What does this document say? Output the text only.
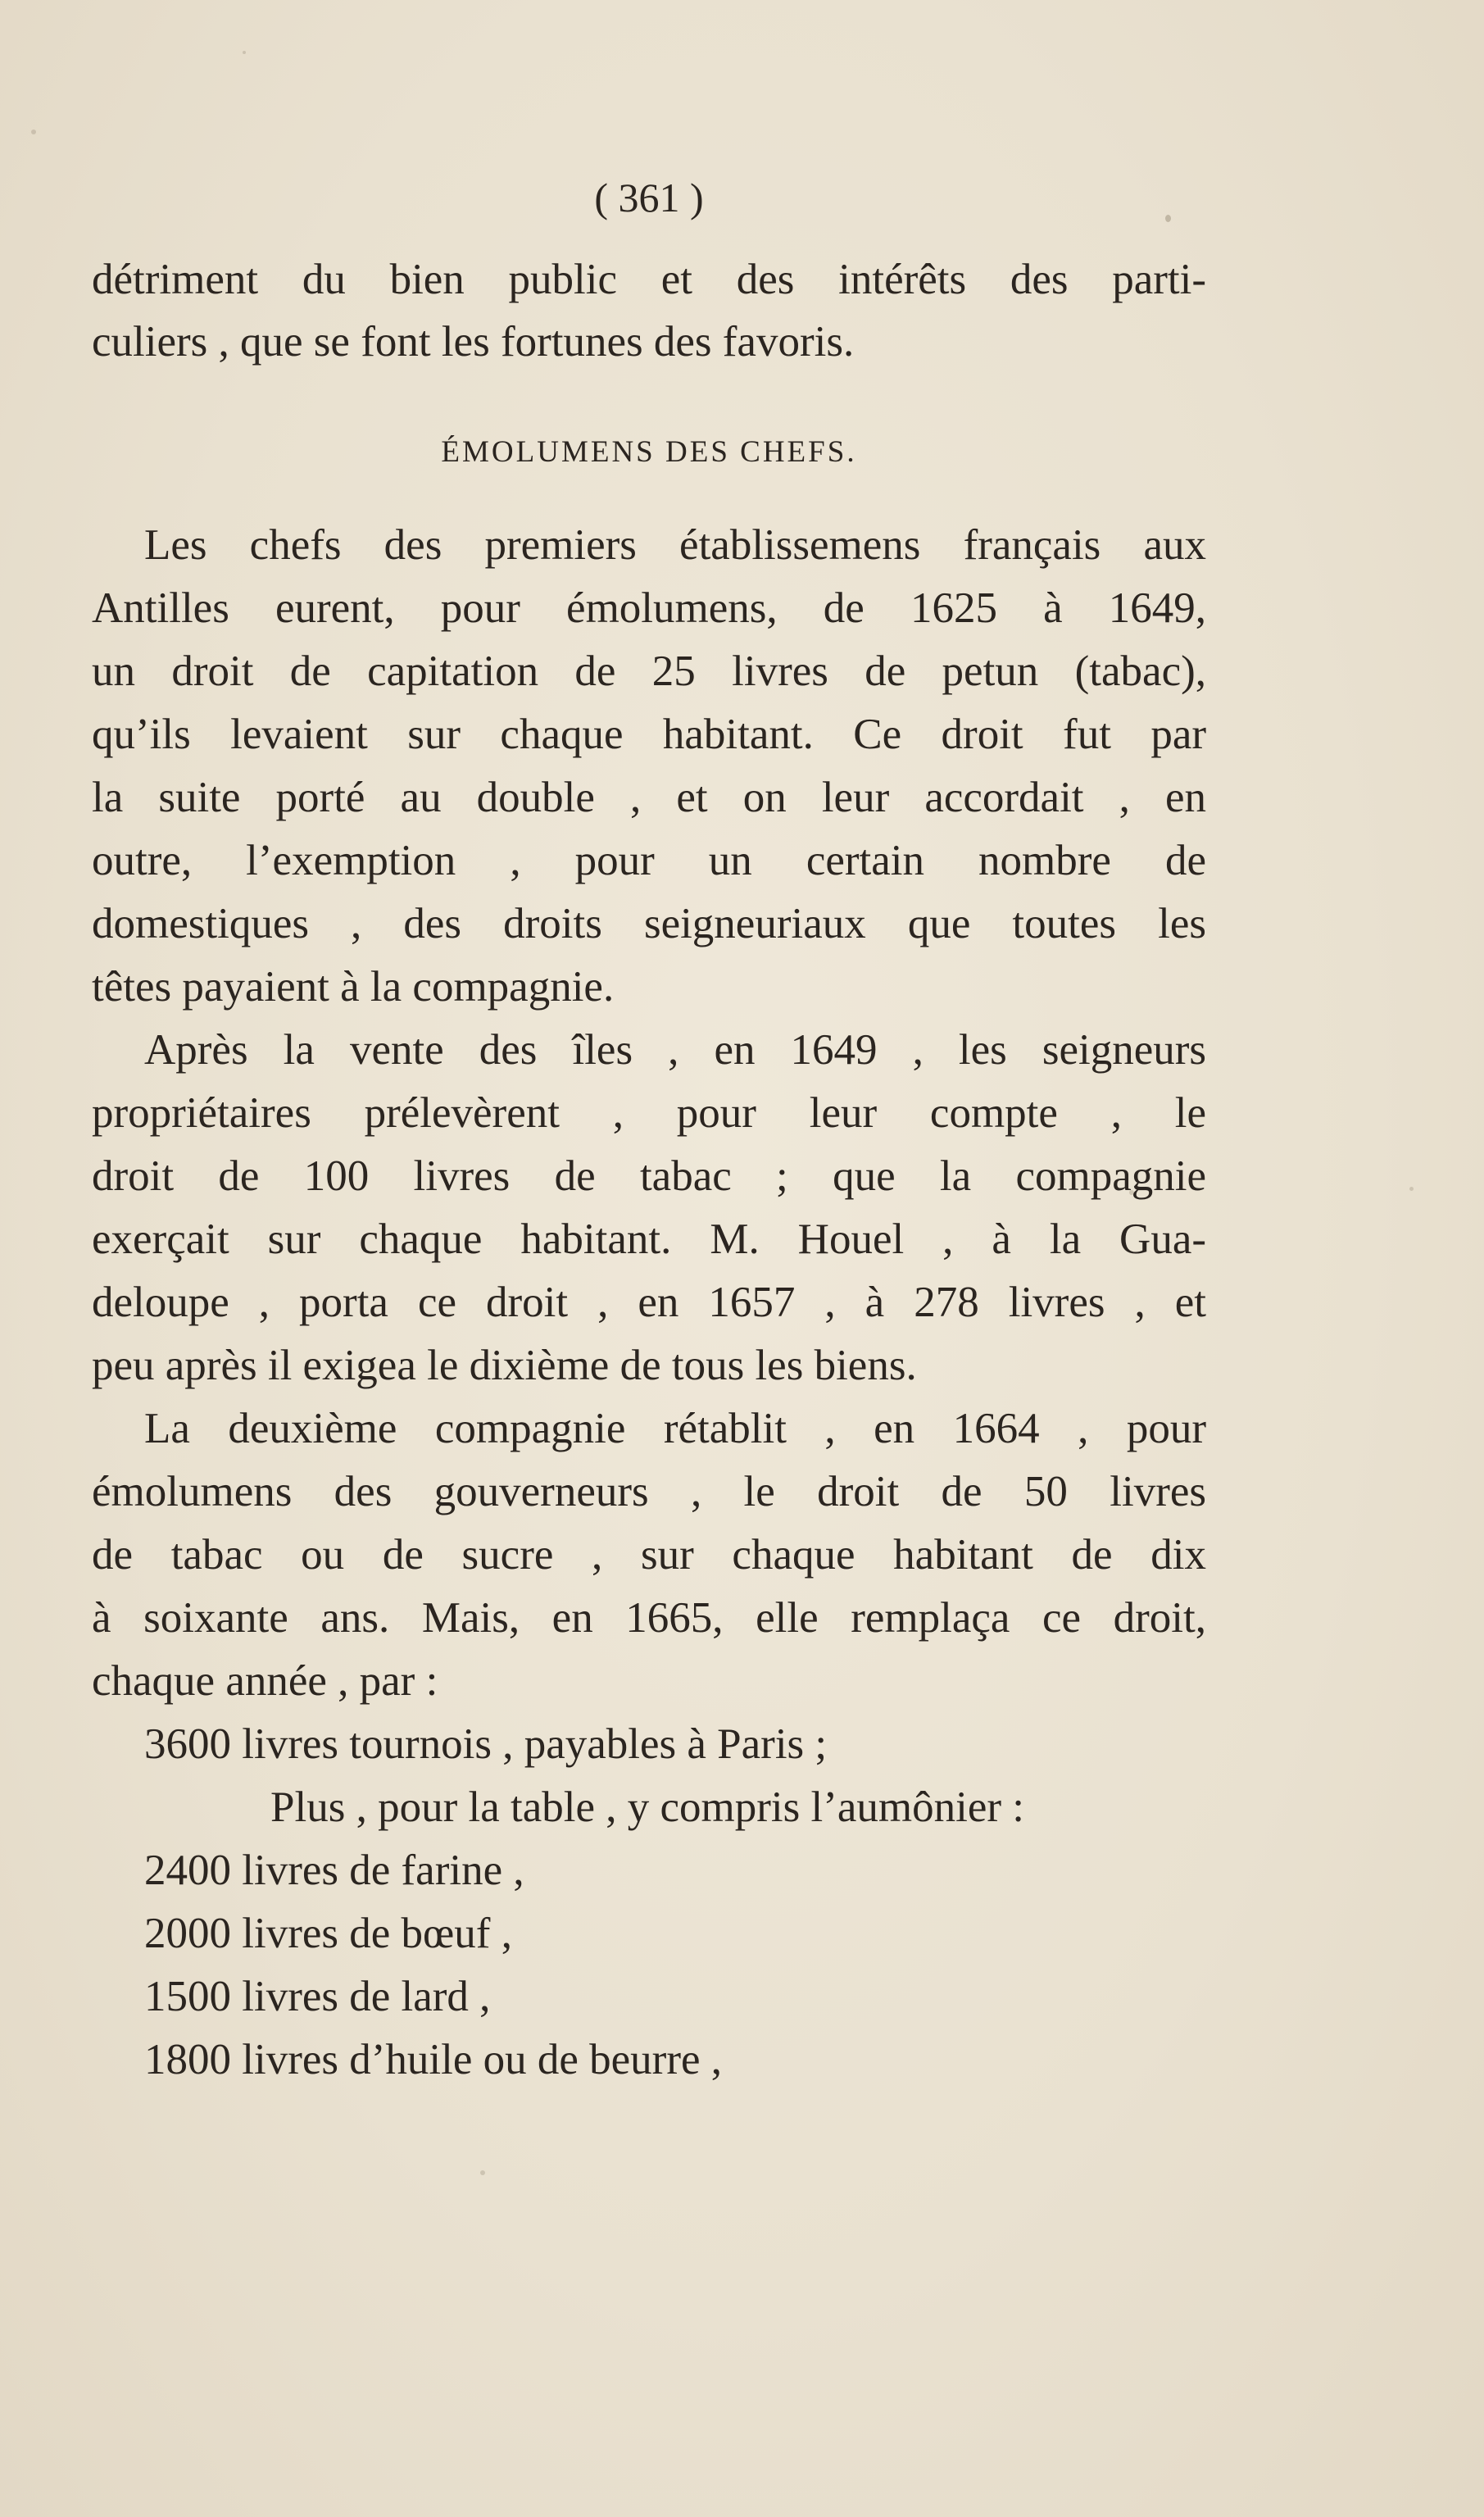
( 361 )
détriment du bien public et des intérêts des parti-
culiers , que se font les fortunes des favoris.
ÉMOLUMENS DES CHEFS.
Les chefs des premiers établissemens français aux
Antilles eurent, pour émolumens, de 1625 à 1649,
un droit de capitation de 25 livres de petun (tabac),
qu’ils levaient sur chaque habitant. Ce droit fut par
la suite porté au double , et on leur accordait , en
outre, l’exemption , pour un certain nombre de
domestiques , des droits seigneuriaux que toutes les
têtes payaient à la compagnie.
Après la vente des îles , en 1649 , les seigneurs
propriétaires prélevèrent , pour leur compte , le
droit de 100 livres de tabac ; que la compagnie
exerçait sur chaque habitant. M. Houel , à la Gua-
deloupe , porta ce droit , en 1657 , à 278 livres , et
peu après il exigea le dixième de tous les biens.
La deuxième compagnie rétablit , en 1664 , pour
émolumens des gouverneurs , le droit de 50 livres
de tabac ou de sucre , sur chaque habitant de dix
à soixante ans. Mais, en 1665, elle remplaça ce droit,
chaque année , par :
3600 livres tournois , payables à Paris ;
Plus , pour la table , y compris l’aumônier :
2400 livres de farine ,
2000 livres de bœuf ,
1500 livres de lard ,
1800 livres d’huile ou de beurre ,
